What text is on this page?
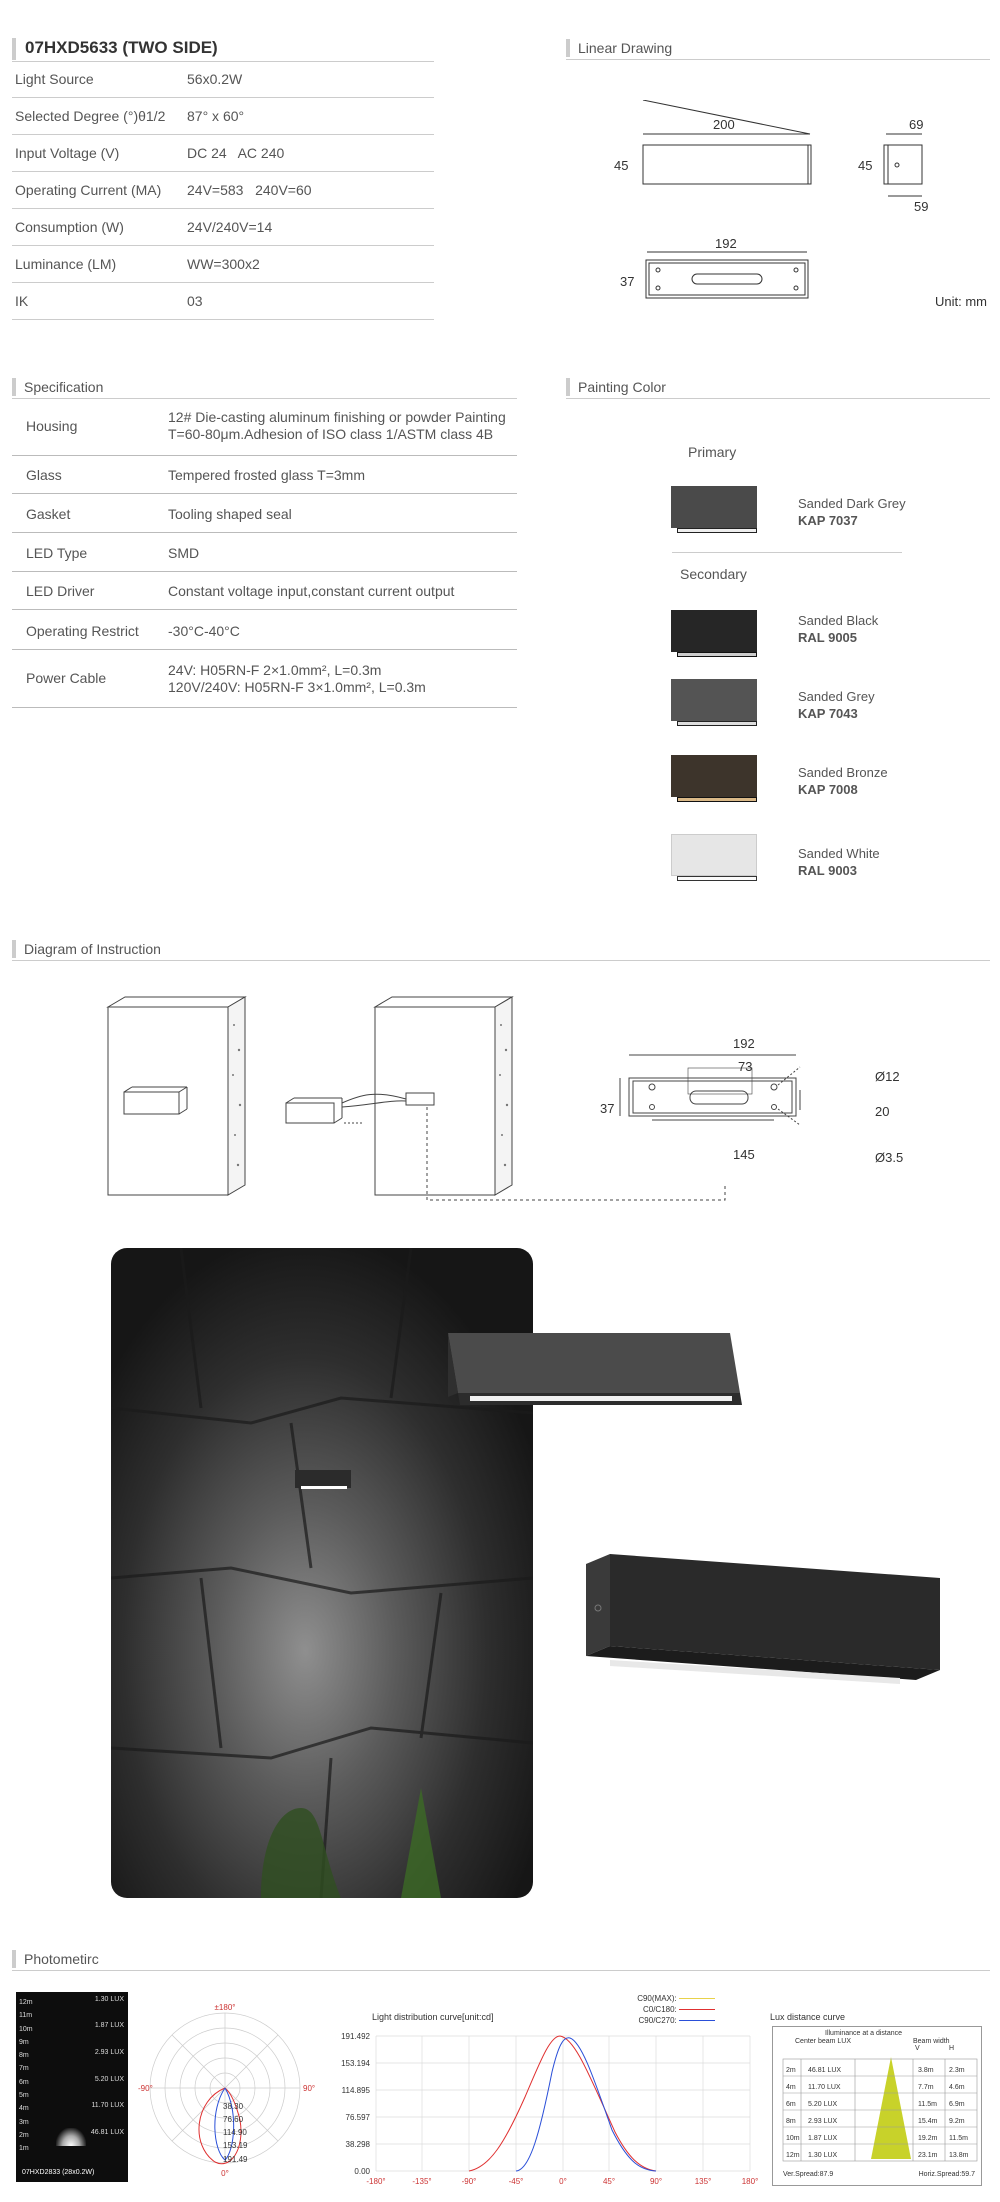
07HXD5633 (TWO SIDE)
Light Source	56x0.2W
Selected Degree (°)θ1/2 87° x 60°
Input Voltage (V)	DC 24   AC 240
Operating Current (MA) 24V=583   240V=60
Consumption (W)	24V/240V=14
Luminance (LM)	WW=300x2
IK	03
Linear Drawing
200
45
69
45
59
192
37
Unit: mm
Specification
Housing
12# Die-casting aluminum finishing or powder Painting
T=60-80μm.Adhesion of ISO class 1/ASTM class 4B
Glass	Tempered frosted glass T=3mm
Gasket	Tooling shaped seal
LED Type	SMD
LED Driver	Constant voltage input,constant current output
Operating Restrict -30°C-40°C
Power Cable	24V: H05RN-F 2×1.0mm², L=0.3m
120V/240V: H05RN-F 3×1.0mm², L=0.3m
Painting Color
Primary
Sanded Dark Grey
KAP 7037
Secondary
Sanded Black
RAL 9005
Sanded Grey
KAP 7043
Sanded Bronze
KAP 7008
Sanded White
RAL 9003
Diagram of Instruction
192
73
37	20
145
Ø12
Ø3.5
Photometirc
12m
11m
10m
9m
8m
7m
6m
5m
4m
3m
2m
1m
1.30 LUX
1.87 LUX
2.93 LUX
5.20 LUX
11.70 LUX
46.81 LUX
07HXD2833 (28x0.2W)
±180°
-90°	90°
0°
38.30
76.60
114.90
153.19
191.49
C90(MAX):
C0/C180:
C90/C270:
Light distribution curve[unit:cd]
191.492
153.194
114.895
76.597
38.298
0.00
-180°	-135°	-90°	-45°	0°	45°	90°	135°	180°
Lux distance curve
Illuminance at a distance
Center beam LUX	Beam width
V	H
2m 46.81 LUX	3.8m 2.3m
4m 11.70 LUX	7.7m 4.6m
6m 5.20 LUX	11.5m 6.9m
8m 2.93 LUX	15.4m 9.2m
10m 1.87 LUX	19.2m 11.5m
12m 1.30 LUX	23.1m 13.8m
Ver.Spread:87.9	Horiz.Spread:59.7
